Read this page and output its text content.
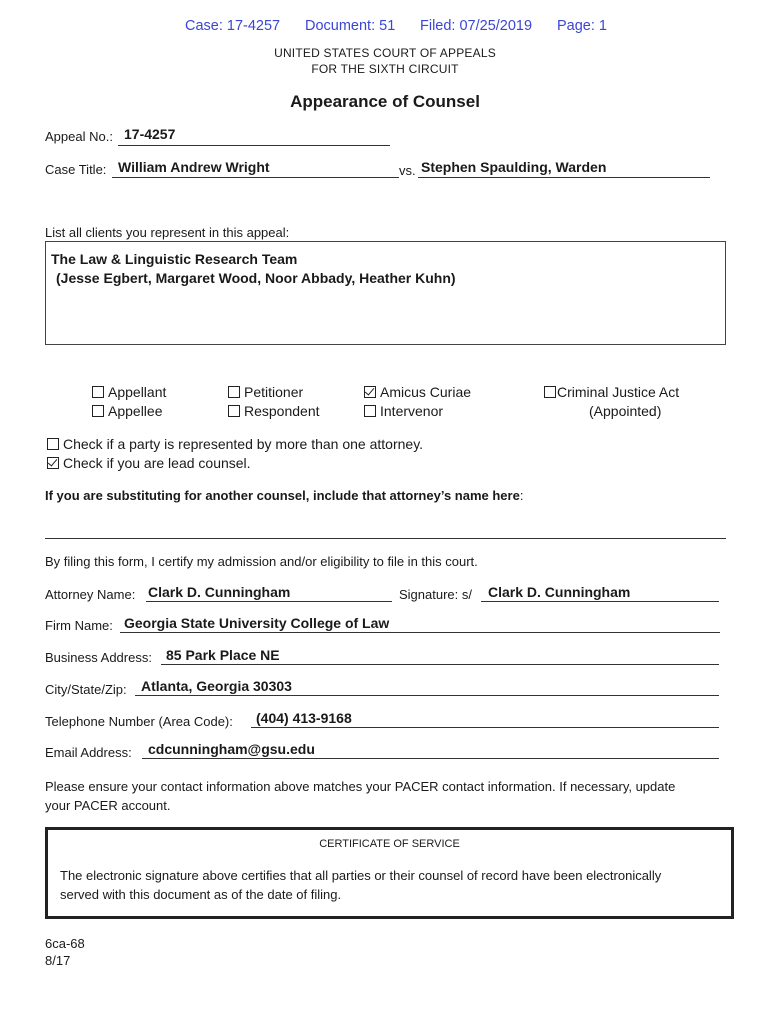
Case: 17-4257 Document: 51 Filed: 07/25/2019 Page: 1
UNITED STATES COURT OF APPEALS
FOR THE SIXTH CIRCUIT
Appearance of Counsel
Appeal No.: 17-4257
Case Title: William Andrew Wright	vs. Stephen Spaulding, Warden
List all clients you represent in this appeal:
The Law & Linguistic Research Team
(Jesse Egbert, Margaret Wood, Noor Abbady, Heather Kuhn)
Appellant
Appellee
Petitioner
Respondent
Amicus Curiae
Intervenor
Criminal Justice Act
(Appointed)
Check if a party is represented by more than one attorney.
Check if you are lead counsel.
If you are substituting for another counsel, include that attorney’s name here:
By filing this form, I certify my admission and/or eligibility to file in this court.
Attorney Name: Clark D. Cunningham	Signature: s/ Clark D. Cunningham
Firm Name: Georgia State University College of Law
Business Address: 85 Park Place NE
City/State/Zip: Atlanta, Georgia 30303
Telephone Number (Area Code): (404) 413-9168
Email Address: cdcunningham@gsu.edu
Please ensure your contact information above matches your PACER contact information. If necessary, update
your PACER account.
CERTIFICATE OF SERVICE
The electronic signature above certifies that all parties or their counsel of record have been electronically
served with this document as of the date of filing.
6ca-68
8/17
